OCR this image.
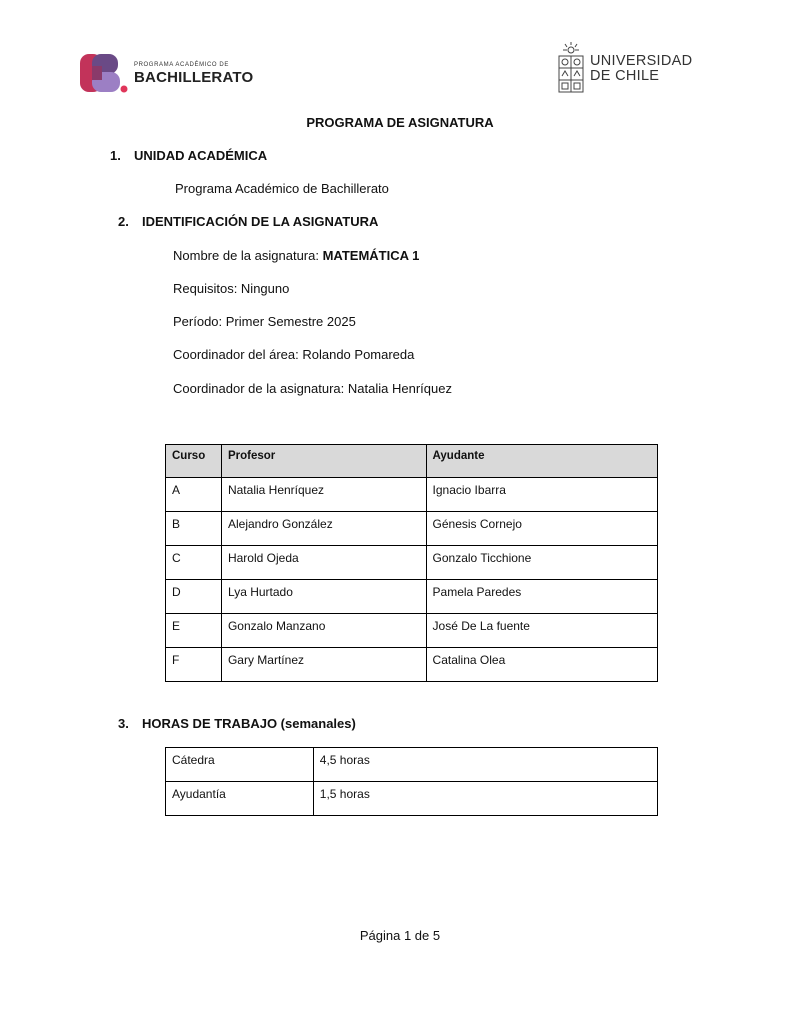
PROGRAMA ACADÉMICO DE
BACHILLERATO
UNIVERSIDAD
DE CHILE
PROGRAMA DE ASIGNATURA
1. UNIDAD ACADÉMICA
Programa Académico de Bachillerato
2. IDENTIFICACIÓN DE LA ASIGNATURA
Nombre de la asignatura: MATEMÁTICA 1
Requisitos: Ninguno
Período: Primer Semestre 2025
Coordinador del área: Rolando Pomareda
Coordinador de la asignatura: Natalia Henríquez
Curso	Profesor	Ayudante
A	Natalia Henríquez	Ignacio Ibarra
B	Alejandro González	Génesis Cornejo
C	Harold Ojeda	Gonzalo Ticchione
D	Lya Hurtado	Pamela Paredes
E	Gonzalo Manzano	José De La fuente
F	Gary Martínez	Catalina Olea
3. HORAS DE TRABAJO (semanales)
Cátedra	4,5 horas
Ayudantía	1,5 horas
Página 1 de 5
